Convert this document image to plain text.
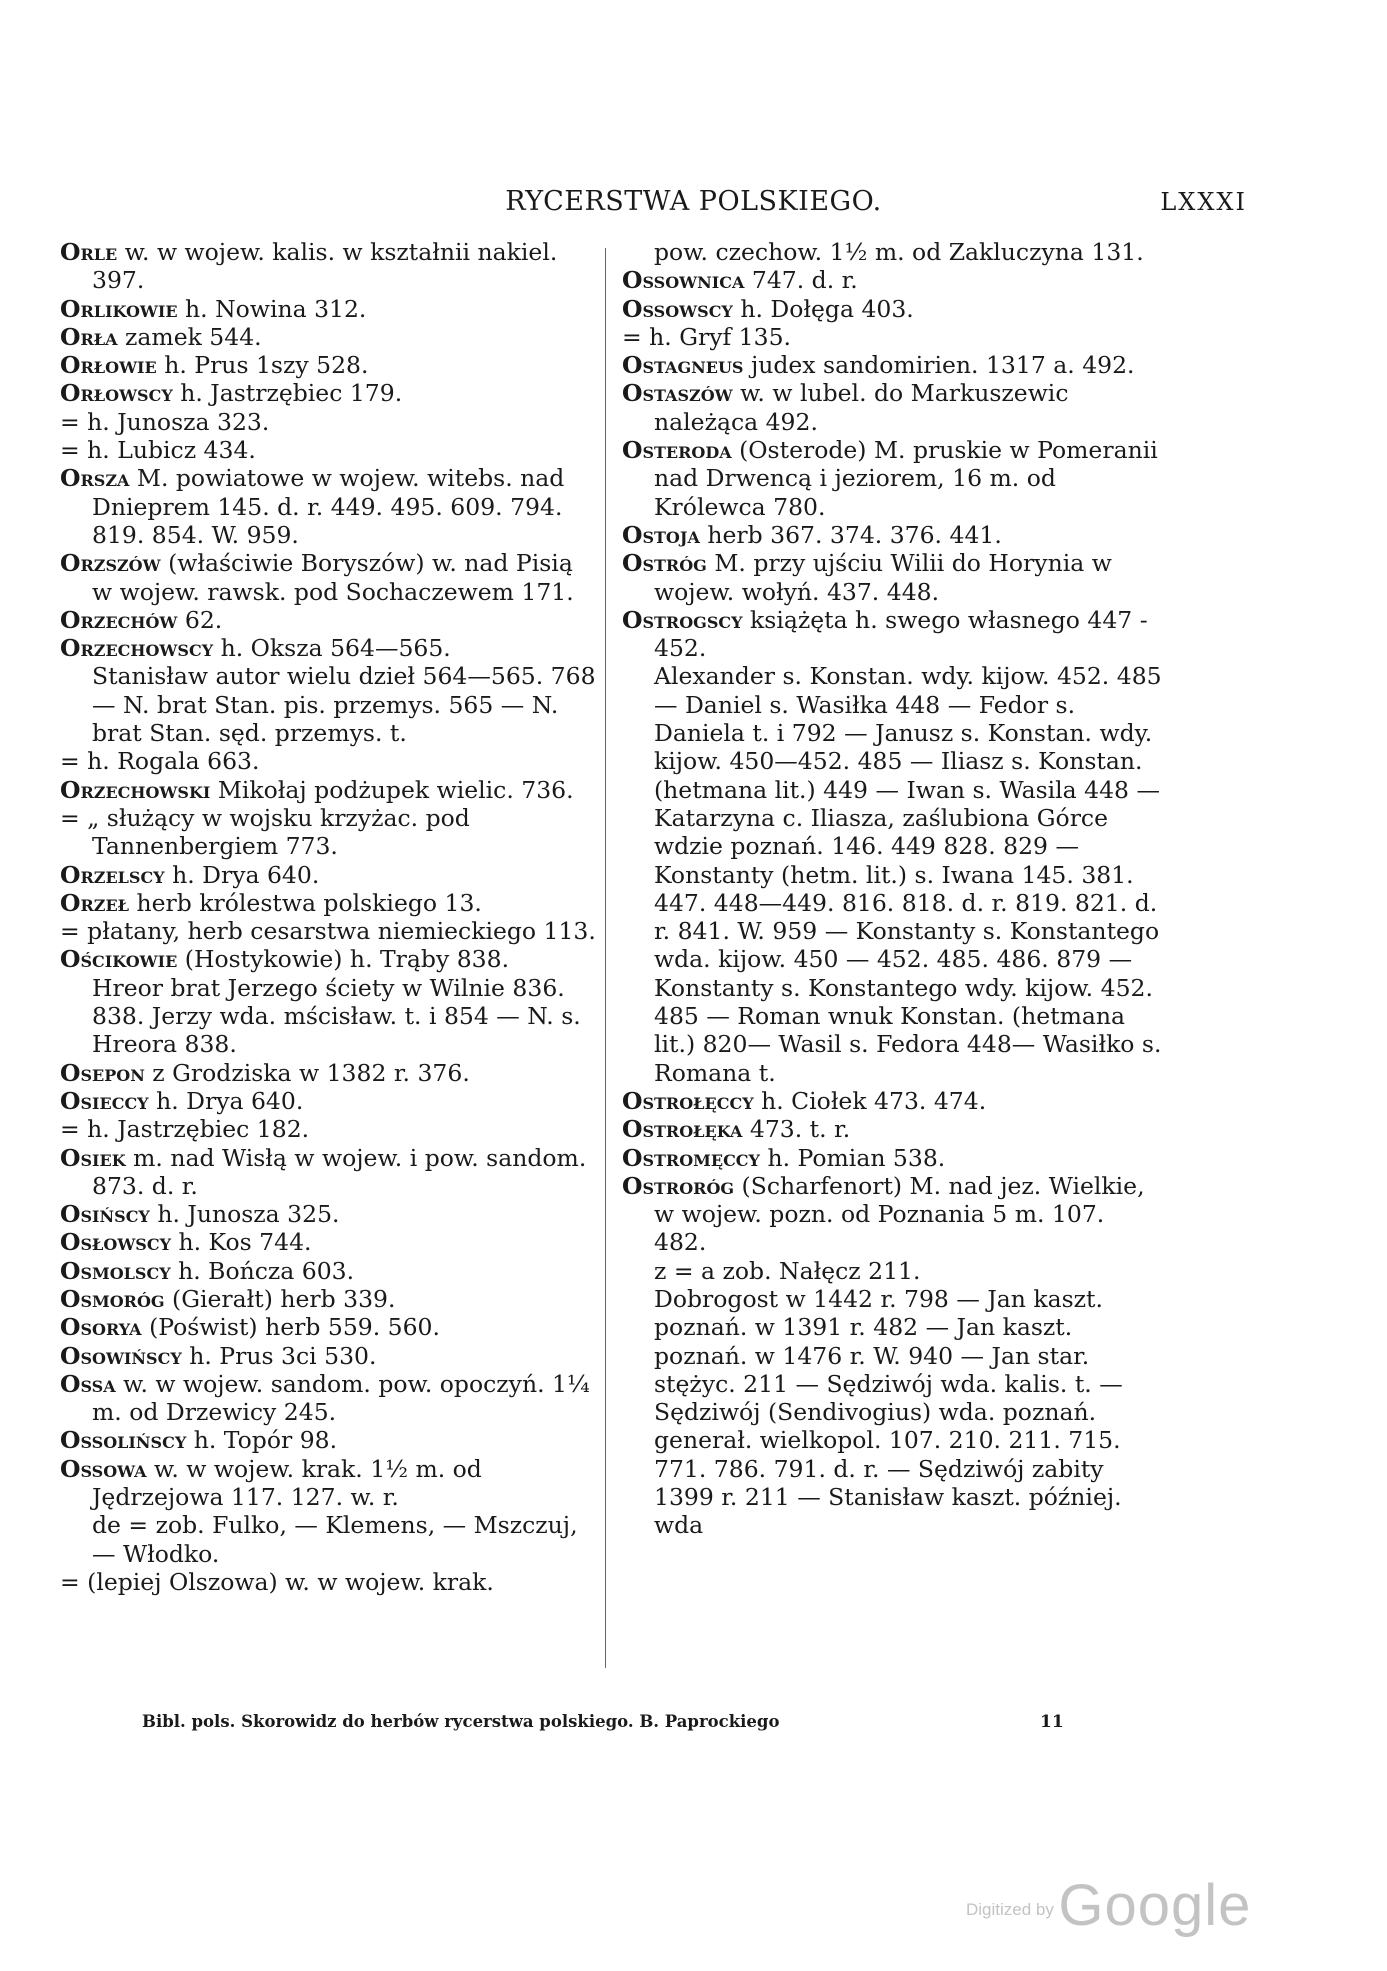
RYCERSTWA POLSKIEGO.	LXXXI

Orle w. w wojew. kalis. w kształnii nakiel. 397.

Orlikowie h. Nowina 312.

Orła zamek 544.

Orłowie h. Prus 1szy 528.

Orłowscy h. Jastrzębiec 179.

= h. Junosza 323.

= h. Lubicz 434.

Orsza M. powiatowe w wojew. witebs. nad Dnieprem 145. d. r. 449. 495. 609. 794. 819. 854. W. 959.

Orzszów (właściwie Boryszów) w. nad Pisią w wojew. rawsk. pod Sochaczewem 171.

Orzechów 62.

Orzechowscy h. Oksza 564—565.

Stanisław autor wielu dzieł 564—565. 768 — N. brat Stan. pis. przemys. 565 — N. brat Stan. sęd. przemys. t.

= h. Rogala 663.

Orzechowski Mikołaj podżupek wielic. 736.

= „ służący w wojsku krzyżac. pod Tannenbergiem 773.

Orzelscy h. Drya 640.

Orzeł herb królestwa polskiego 13.

= płatany, herb cesarstwa niemieckiego 113.

Ościkowie (Hostykowie) h. Trąby 838.

Hreor brat Jerzego ściety w Wilnie 836. 838. Jerzy wda. mścisław. t. i 854 — N. s. Hreora 838.

Osepon z Grodziska w 1382 r. 376.

Osieccy h. Drya 640.

= h. Jastrzębiec 182.

Osiek m. nad Wisłą w wojew. i pow. sandom. 873. d. r.

Osińscy h. Junosza 325.

Osłowscy h. Kos 744.

Osmolscy h. Bończa 603.

Osmoróg (Gierałt) herb 339.

Osorya (Poświst) herb 559. 560.

Osowińscy h. Prus 3ci 530.

Ossa w. w wojew. sandom. pow. opoczyń. 1¼ m. od Drzewicy 245.

Ossolińscy h. Topór 98.

Ossowa w. w wojew. krak. 1½ m. od Jędrzejowa 117. 127. w. r.

de = zob. Fulko, — Klemens, — Mszczuj, — Włodko.

= (lepiej Olszowa) w. w wojew. krak.

pow. czechow. 1½ m. od Zakluczyna 131.

Ossownica 747. d. r.

Ossowscy h. Dołęga 403.

= h. Gryf 135.

Ostagneus judex sandomirien. 1317 a. 492.

Ostaszów w. w lubel. do Markuszewic należąca 492.

Osteroda (Osterode) M. pruskie w Pomeranii nad Drwencą i jeziorem, 16 m. od Królewca 780.

Ostoja herb 367. 374. 376. 441.

Ostróg M. przy ujściu Wilii do Horynia w wojew. wołyń. 437. 448.

Ostrogscy książęta h. swego własnego 447 - 452.

Alexander s. Konstan. wdy. kijow. 452. 485 — Daniel s. Wasiłka 448 — Fedor s. Daniela t. i 792 — Janusz s. Konstan. wdy. kijow. 450—452. 485 — Iliasz s. Konstan. (hetmana lit.) 449 — Iwan s. Wasila 448 — Katarzyna c. Iliasza, zaślubiona Górce wdzie poznań. 146. 449 828. 829 — Konstanty (hetm. lit.) s. Iwana 145. 381. 447. 448—449. 816. 818. d. r. 819. 821. d. r. 841. W. 959 — Konstanty s. Konstantego wda. kijow. 450 — 452. 485. 486. 879 — Konstanty s. Konstantego wdy. kijow. 452. 485 — Roman wnuk Konstan. (hetmana lit.) 820— Wasil s. Fedora 448— Wasiłko s. Romana t.

Ostrołęccy h. Ciołek 473. 474.

Ostrołęka 473. t. r.

Ostromęccy h. Pomian 538.

Ostroróg (Scharfenort) M. nad jez. Wielkie, w wojew. pozn. od Poznania 5 m. 107. 482.

z = a zob. Nałęcz 211.

Dobrogost w 1442 r. 798 — Jan kaszt. poznań. w 1391 r. 482 — Jan kaszt. poznań. w 1476 r. W. 940 — Jan star. stężyc. 211 — Sędziwój wda. kalis. t. — Sędziwój (Sendivogius) wda. poznań. generał. wielkopol. 107. 210. 211. 715. 771. 786. 791. d. r. — Sędziwój zabity 1399 r. 211 — Stanisław kaszt. później. wda

Bibl. pols. Skorowidz do herbów rycerstwa polskiego. B. Paprockiego	11
Digitized by Google
